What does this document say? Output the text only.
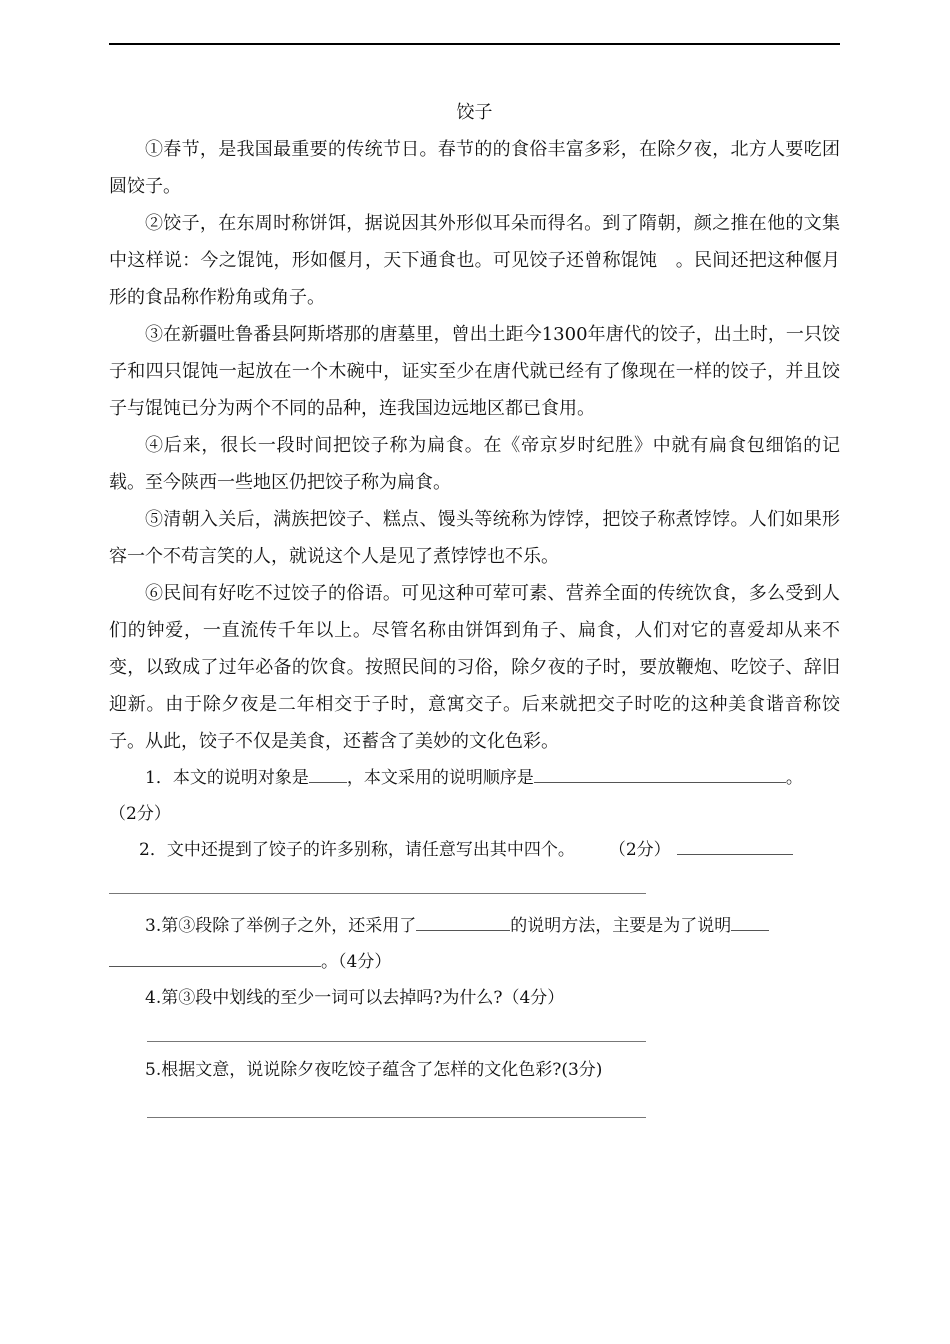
饺子

①春节，是我国最重要的传统节日。春节的的食俗丰富多彩，在除夕夜，北方人要吃团圆饺子。

②饺子，在东周时称饼饵，据说因其外形似耳朵而得名。到了隋朝，颜之推在他的文集中这样说：今之馄饨，形如偃月，天下通食也。可见饺子还曾称馄饨　。民间还把这种偃月形的食品称作粉角或角子。

③在新疆吐鲁番县阿斯塔那的唐墓里，曾出土距今1300年唐代的饺子，出土时，一只饺子和四只馄饨一起放在一个木碗中，证实至少在唐代就已经有了像现在一样的饺子，并且饺子与馄饨已分为两个不同的品种，连我国边远地区都已食用。

④后来，很长一段时间把饺子称为扁食。在《帝京岁时纪胜》中就有扁食包细馅的记载。至今陕西一些地区仍把饺子称为扁食。

⑤清朝入关后，满族把饺子、糕点、馒头等统称为饽饽，把饺子称煮饽饽。人们如果形容一个不苟言笑的人，就说这个人是见了煮饽饽也不乐。

⑥民间有好吃不过饺子的俗语。可见这种可荤可素、营养全面的传统饮食，多么受到人们的钟爱，一直流传千年以上。尽管名称由饼饵到角子、扁食，人们对它的喜爱却从来不变，以致成了过年必备的饮食。按照民间的习俗，除夕夜的子时，要放鞭炮、吃饺子、辞旧迎新。由于除夕夜是二年相交于子时，意寓交子。后来就把交子时吃的这种美食谐音称饺子。从此，饺子不仅是美食，还蓄含了美妙的文化色彩。

1．本文的说明对象是 ，本文采用的说明顺序是	。

（2分）

2．文中还提到了饺子的许多别称，请任意写出其中四个。 （2分）

3.第③段除了举例子之外，还采用了	的说明方法，主要是为了说明

。（4分）

4.第③段中划线的至少一词可以去掉吗?为什么?（4分）

5.根据文意，说说除夕夜吃饺子蕴含了怎样的文化色彩?(3分)
